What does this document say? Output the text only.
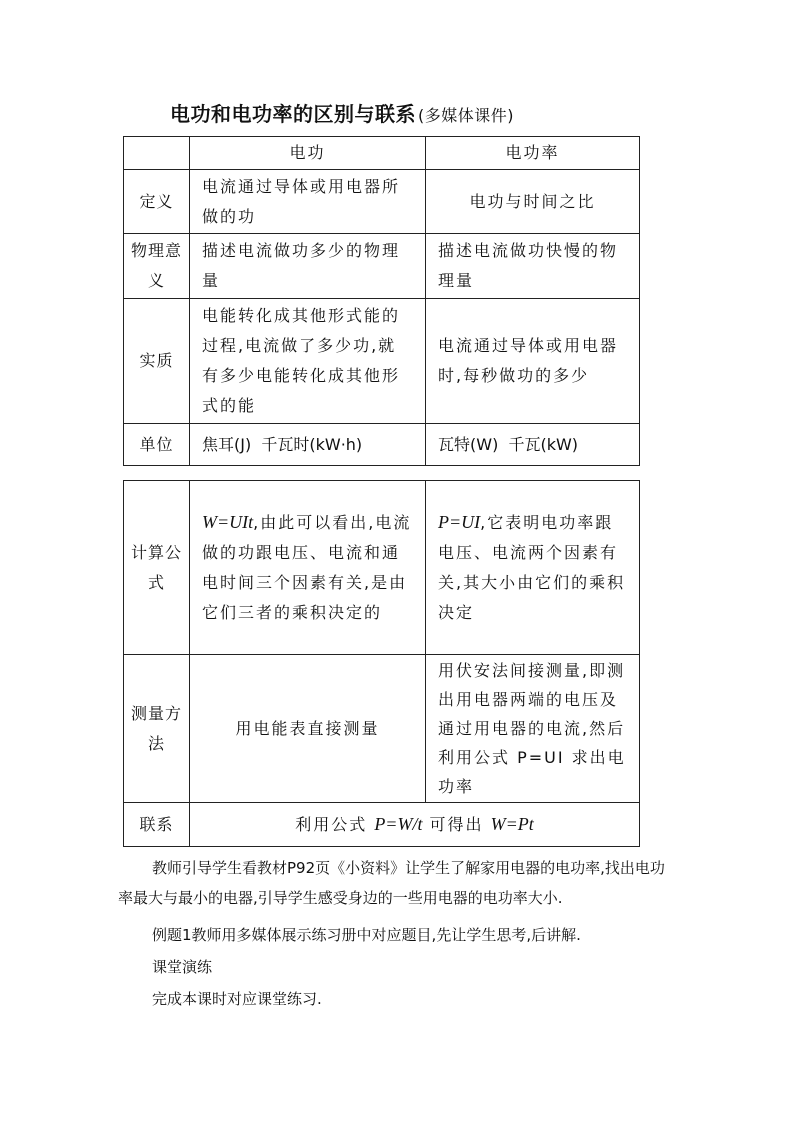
电功和电功率的区别与联系 (多媒体课件)
	电功	电功率
定义	电流通过导体或用电器所做的功	电功与时间之比
物理意义	描述电流做功多少的物理量	描述电流做功快慢的物理量
实质	电能转化成其他形式能的过程,电流做了多少功,就有多少电能转化成其他形式的能	电流通过导体或用电器时,每秒做功的多少
单位	焦耳(J)  千瓦时(kW·h)	瓦特(W)  千瓦(kW)
计算公式	W=UIt,由此可以看出,电流做的功跟电压、电流和通电时间三个因素有关,是由它们三者的乘积决定的	P=UI,它表明电功率跟电压、电流两个因素有关,其大小由它们的乘积决定
测量方法	用电能表直接测量	用伏安法间接测量,即测出用电器两端的电压及通过用电器的电流,然后利用公式 P=UI 求出电功率
联系	利用公式 P=W/t 可得出 W=Pt	
教师引导学生看教材P92页《小资料》让学生了解家用电器的电功率,找出电功率最大与最小的电器,引导学生感受身边的一些用电器的电功率大小.
例题1教师用多媒体展示练习册中对应题目,先让学生思考,后讲解.
课堂演练
完成本课时对应课堂练习.
